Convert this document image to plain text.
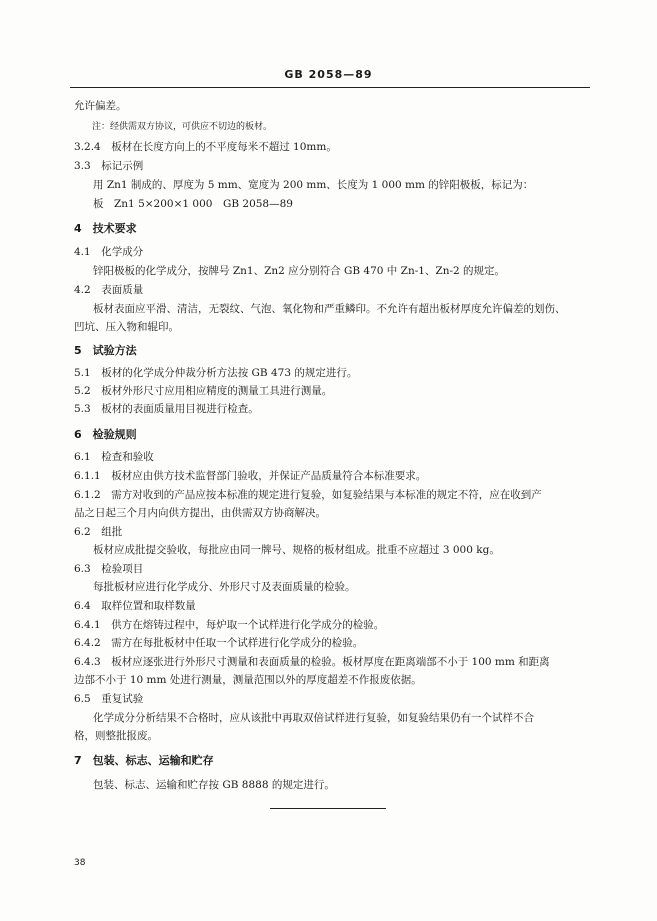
GB 2058—89
允许偏差。
注：经供需双方协议，可供应不切边的板材。
3.2.4　板材在长度方向上的不平度每米不超过 10mm。
3.3　标记示例
用 Zn1 制成的、厚度为 5 mm、宽度为 200 mm、长度为 1 000 mm 的锌阳极板，标记为：
板　Zn1 5×200×1 000　GB 2058—89
4　技术要求
4.1　化学成分
锌阳极板的化学成分，按牌号 Zn1、Zn2 应分别符合 GB 470 中 Zn-1、Zn-2 的规定。
4.2　表面质量
板材表面应平滑、清洁，无裂纹、气泡、氧化物和严重鳞印。不允许有超出板材厚度允许偏差的划伤、
凹坑、压入物和辊印。
5　试验方法
5.1　板材的化学成分仲裁分析方法按 GB 473 的规定进行。
5.2　板材外形尺寸应用相应精度的测量工具进行测量。
5.3　板材的表面质量用目视进行检查。
6　检验规则
6.1　检查和验收
6.1.1　板材应由供方技术监督部门验收，并保证产品质量符合本标准要求。
6.1.2　需方对收到的产品应按本标准的规定进行复验，如复验结果与本标准的规定不符，应在收到产
品之日起三个月内向供方提出，由供需双方协商解决。
6.2　组批
板材应成批提交验收，每批应由同一牌号、规格的板材组成。批重不应超过 3 000 kg。
6.3　检验项目
每批板材应进行化学成分、外形尺寸及表面质量的检验。
6.4　取样位置和取样数量
6.4.1　供方在熔铸过程中，每炉取一个试样进行化学成分的检验。
6.4.2　需方在每批板材中任取一个试样进行化学成分的检验。
6.4.3　板材应逐张进行外形尺寸测量和表面质量的检验。板材厚度在距离端部不小于 100 mm 和距离
边部不小于 10 mm 处进行测量，测量范围以外的厚度超差不作报废依据。
6.5　重复试验
化学成分分析结果不合格时，应从该批中再取双倍试样进行复验，如复验结果仍有一个试样不合
格，则整批报废。
7　包装、标志、运输和贮存
包装、标志、运输和贮存按 GB 8888 的规定进行。
38
